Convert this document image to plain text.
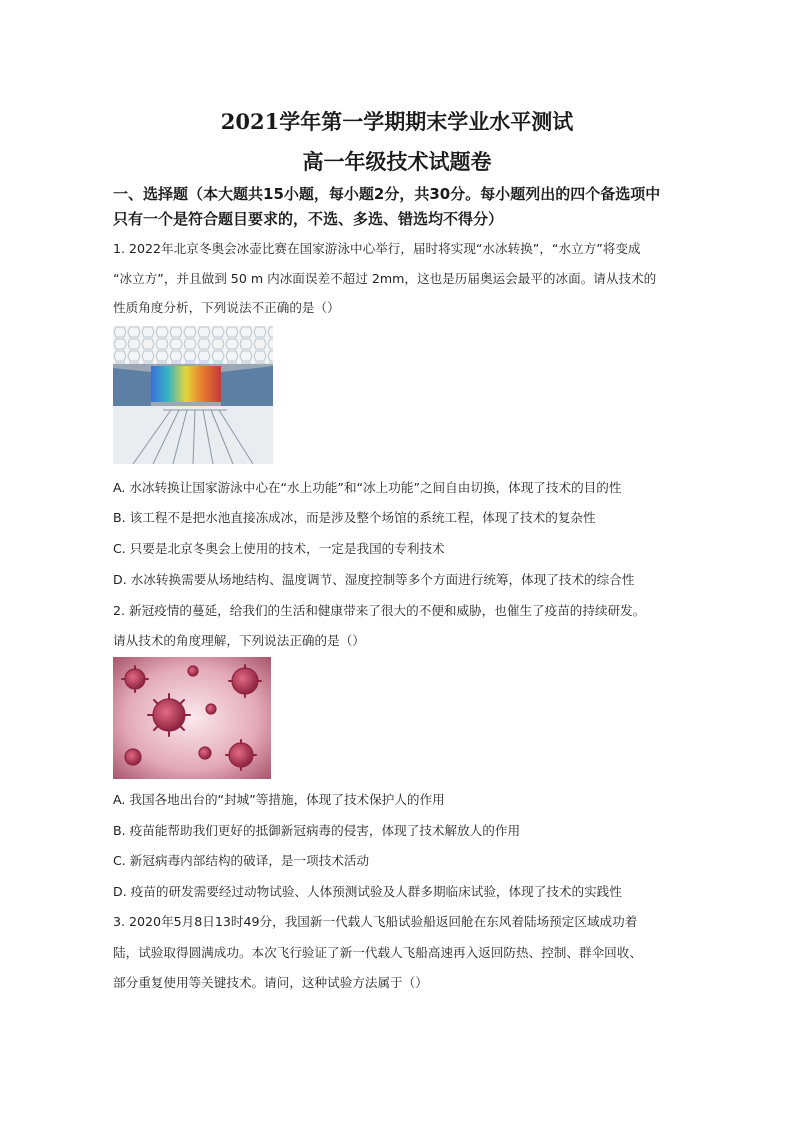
2021学年第一学期期末学业水平测试
高一年级技术试题卷
一、选择题（本大题共15小题，每小题2分，共30分。每小题列出的四个备选项中
只有一个是符合题目要求的，不选、多选、错选均不得分）
1. 2022年北京冬奥会冰壶比赛在国家游泳中心举行，届时将实现“水冰转换”，“水立方”将变成
“冰立方”，并且做到 50 m 内冰面误差不超过 2mm，这也是历届奥运会最平的冰面。请从技术的
性质角度分析，下列说法不正确的是（）
A. 水冰转换让国家游泳中心在“水上功能”和“冰上功能”之间自由切换，体现了技术的目的性
B. 该工程不是把水池直接冻成冰，而是涉及整个场馆的系统工程，体现了技术的复杂性
C. 只要是北京冬奥会上使用的技术，一定是我国的专利技术
D. 水冰转换需要从场地结构、温度调节、湿度控制等多个方面进行统筹，体现了技术的综合性
2. 新冠疫情的蔓延，给我们的生活和健康带来了很大的不便和威胁，也催生了疫苗的持续研发。
请从技术的角度理解，下列说法正确的是（）
A. 我国各地出台的“封城”等措施，体现了技术保护人的作用
B. 疫苗能帮助我们更好的抵御新冠病毒的侵害，体现了技术解放人的作用
C. 新冠病毒内部结构的破译，是一项技术活动
D. 疫苗的研发需要经过动物试验、人体预测试验及人群多期临床试验，体现了技术的实践性
3. 2020年5月8日13时49分，我国新一代载人飞船试验船返回舱在东风着陆场预定区域成功着
陆，试验取得圆满成功。本次飞行验证了新一代载人飞船高速再入返回防热、控制、群伞回收、
部分重复使用等关键技术。请问，这种试验方法属于（）
